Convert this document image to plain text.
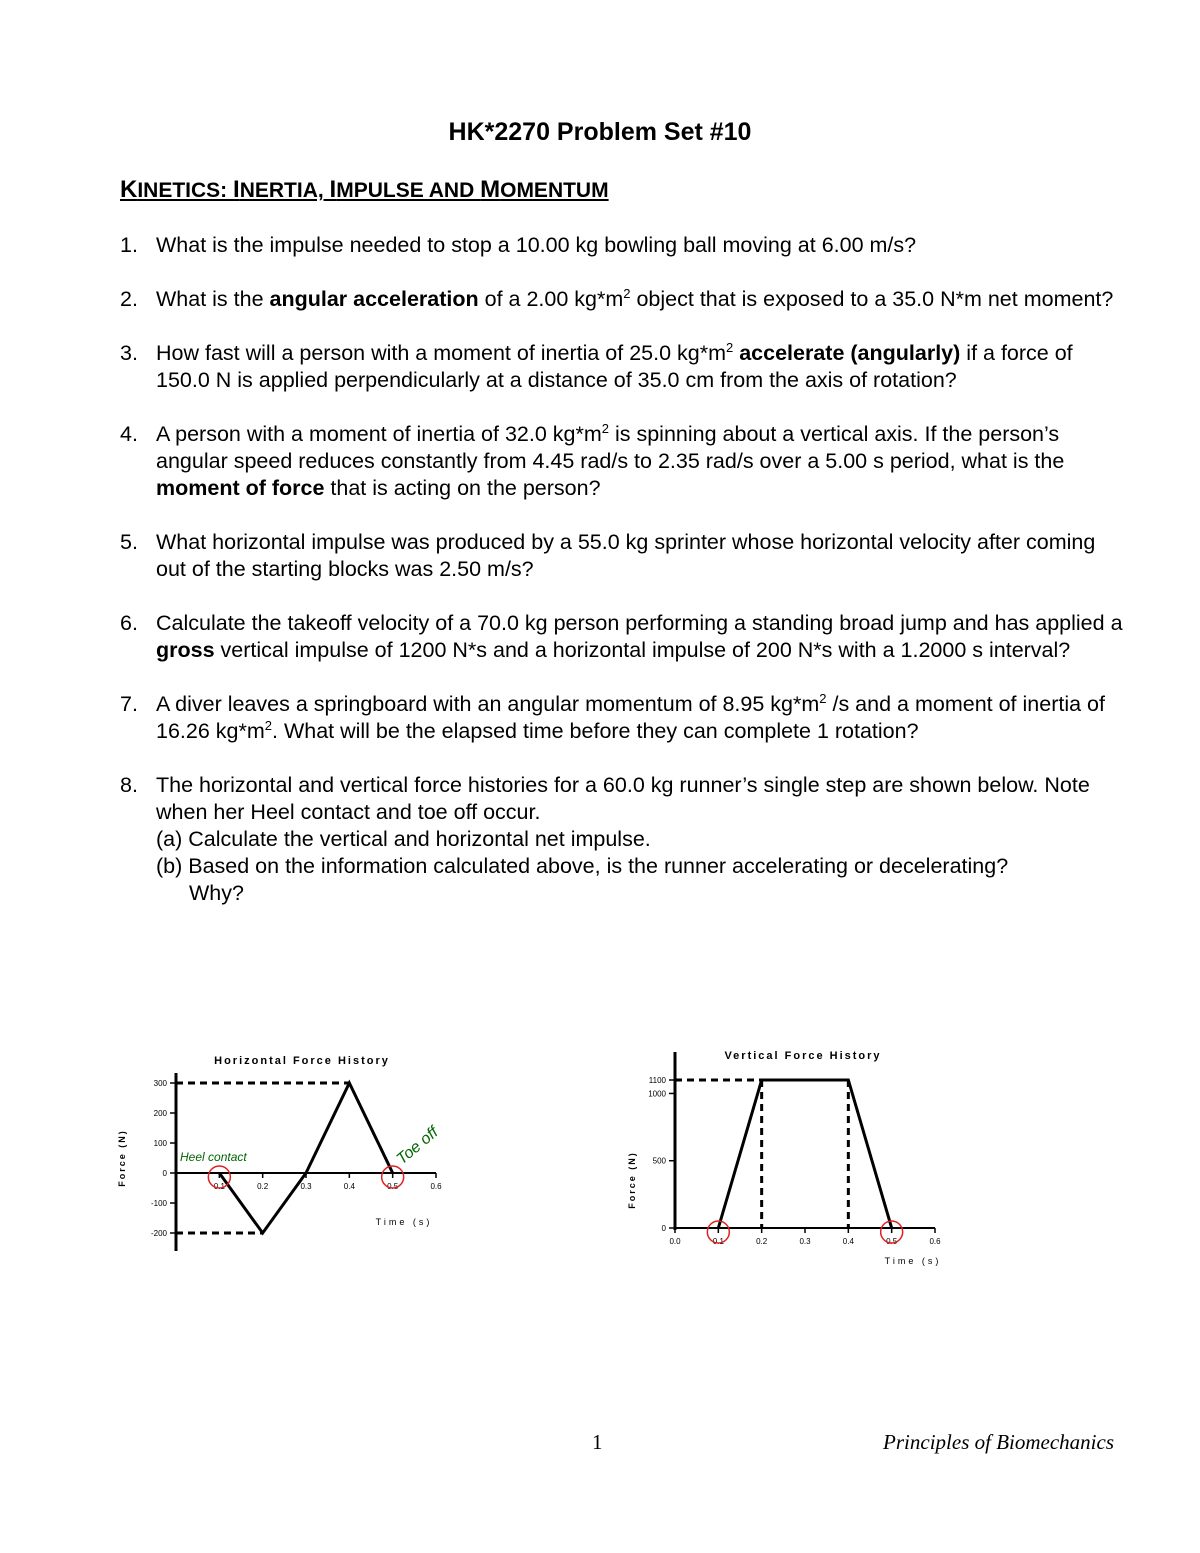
HK*2270 Problem Set #10
KINETICS: INERTIA, IMPULSE AND MOMENTUM
1. What is the impulse needed to stop a 10.00 kg bowling ball moving at 6.00 m/s?
2. What is the angular acceleration of a 2.00 $kg*m^2$ object that is exposed to a 35.0 N*m net moment?
3. How fast will a person with a moment of inertia of 25.0 $kg*m^2$ accelerate (angularly) if a force of 150.0 N is applied perpendicularly at a distance of 35.0 cm from the axis of rotation?
4. A person with a moment of inertia of 32.0 $kg*m^2$ is spinning about a vertical axis. If the person’s angular speed reduces constantly from 4.45 rad/s to 2.35 rad/s over a 5.00 s period, what is the moment of force that is acting on the person?
5. What horizontal impulse was produced by a 55.0 kg sprinter whose horizontal velocity after coming out of the starting blocks was 2.50 m/s?
6. Calculate the takeoff velocity of a 70.0 kg person performing a standing broad jump and has applied a gross vertical impulse of 1200 N*s and a horizontal impulse of 200 N*s with a 1.2000 s interval?
7. A diver leaves a springboard with an angular momentum of 8.95 $kg*m^2$ /s and a moment of inertia of 16.26 $kg*m^2$. What will be the elapsed time before they can complete 1 rotation?
8. The horizontal and vertical force histories for a 60.0 kg runner’s single step are shown below. Note when her Heel contact and toe off occur.
(a) Calculate the vertical and horizontal net impulse.
(b) Based on the information calculated above, is the runner accelerating or decelerating?
Why?
Horizontal Force History
Force (N)
Time (s)
Heel contact	Toe off
300
200
100
0
-100
-200
0.1	0.2	0.3	0.4	0.5	0.6
Vertical Force History
Force (N)
Time (s)
1100
1000
500
0
0.0	0.1	0.2	0.3	0.4	0.5	0.6
1	Principles of Biomechanics
